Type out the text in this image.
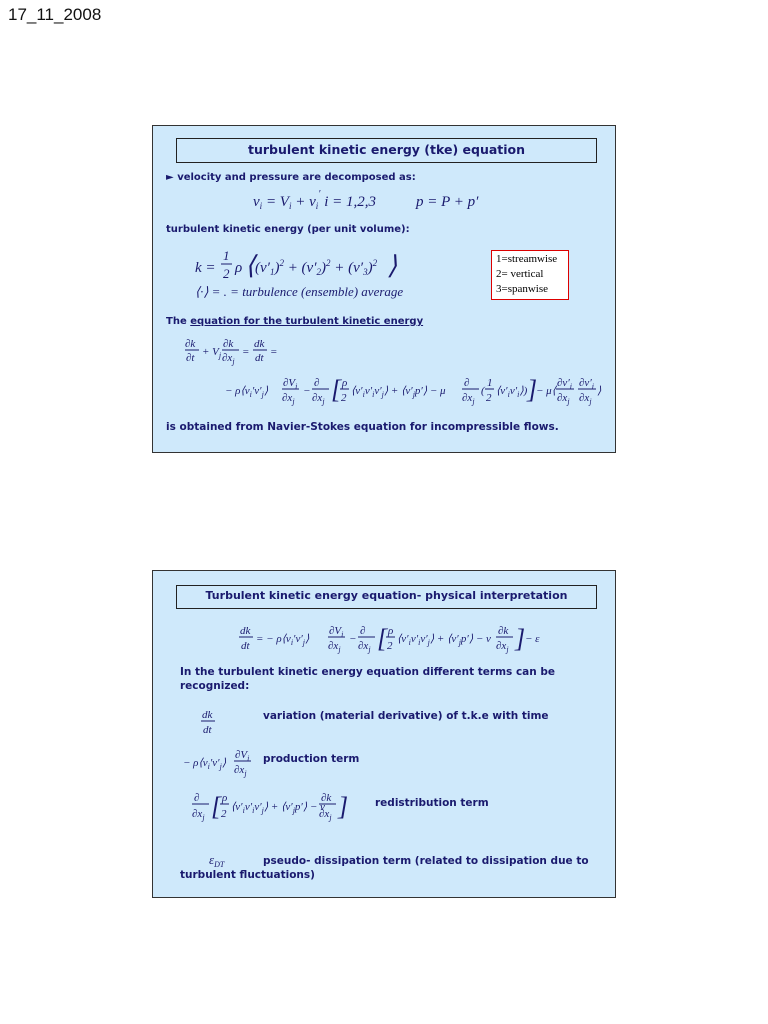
17_11_2008
turbulent kinetic energy (tke) equation
► velocity and pressure are decomposed as:
$v_i = V_i + v_i'$ i = 1,2,3	p = P + p′
turbulent kinetic energy (per unit volume):
k =
1
2 ρ ⟨ $(v'_1)^2 + (v'_2)^2 + (v'_3)^2$ ⟩
⟨·⟩ = . = turbulence (ensemble) average
1=streamwise
2= vertical
3=spanwise
The equation for the turbulent kinetic energy
∂k
$\partial t + V_j$
∂k
$\partial x_j$
=
dk
dt =
− $\rho⟨v_i'v'_j⟩$
$\partial V_i$
$\partial x_j$
−
∂
$\partial x_j$ [ ρ
2
$⟨v'_iv'_iv'_j⟩$ + $⟨v'_jp'⟩ - \mu$
∂
$\partial x_j$
(
1
2
$⟨v'_iv'_i⟩$) ]
− μ⟨
$\partial v'_i$
$\partial x_j$
$\partial v'_i$
$\partial x_j$
⟩
is obtained from Navier-Stokes equation for incompressible flows.
Turbulent kinetic energy equation- physical interpretation
dk
dt
= − $\rho⟨v_i'v'_j⟩$
$\partial V_i$
$\partial x_j$
−
∂
$\partial x_j$ [ ρ
2
$⟨v'_iv'_iv'_j⟩$ + $⟨v'_jp'⟩ - \nu$
∂k
$\partial x_j$ ] − ε
In the turbulent kinetic energy equation different terms can be
recognized:
dk
dt
variation (material derivative) of t.k.e with time
− $\rho⟨v_i'v'_j⟩$
$\partial V_i$
$\partial x_j$
production term
∂
$\partial x_j$ [ ρ
2
$⟨v'_iv'_iv'_j⟩$ + $⟨v'_jp'⟩ - \nu$
∂k
$\partial x_j$ ]	redistribution term
$\varepsilon_{DT}$	pseudo- dissipation term (related to dissipation due to
turbulent fluctuations)
